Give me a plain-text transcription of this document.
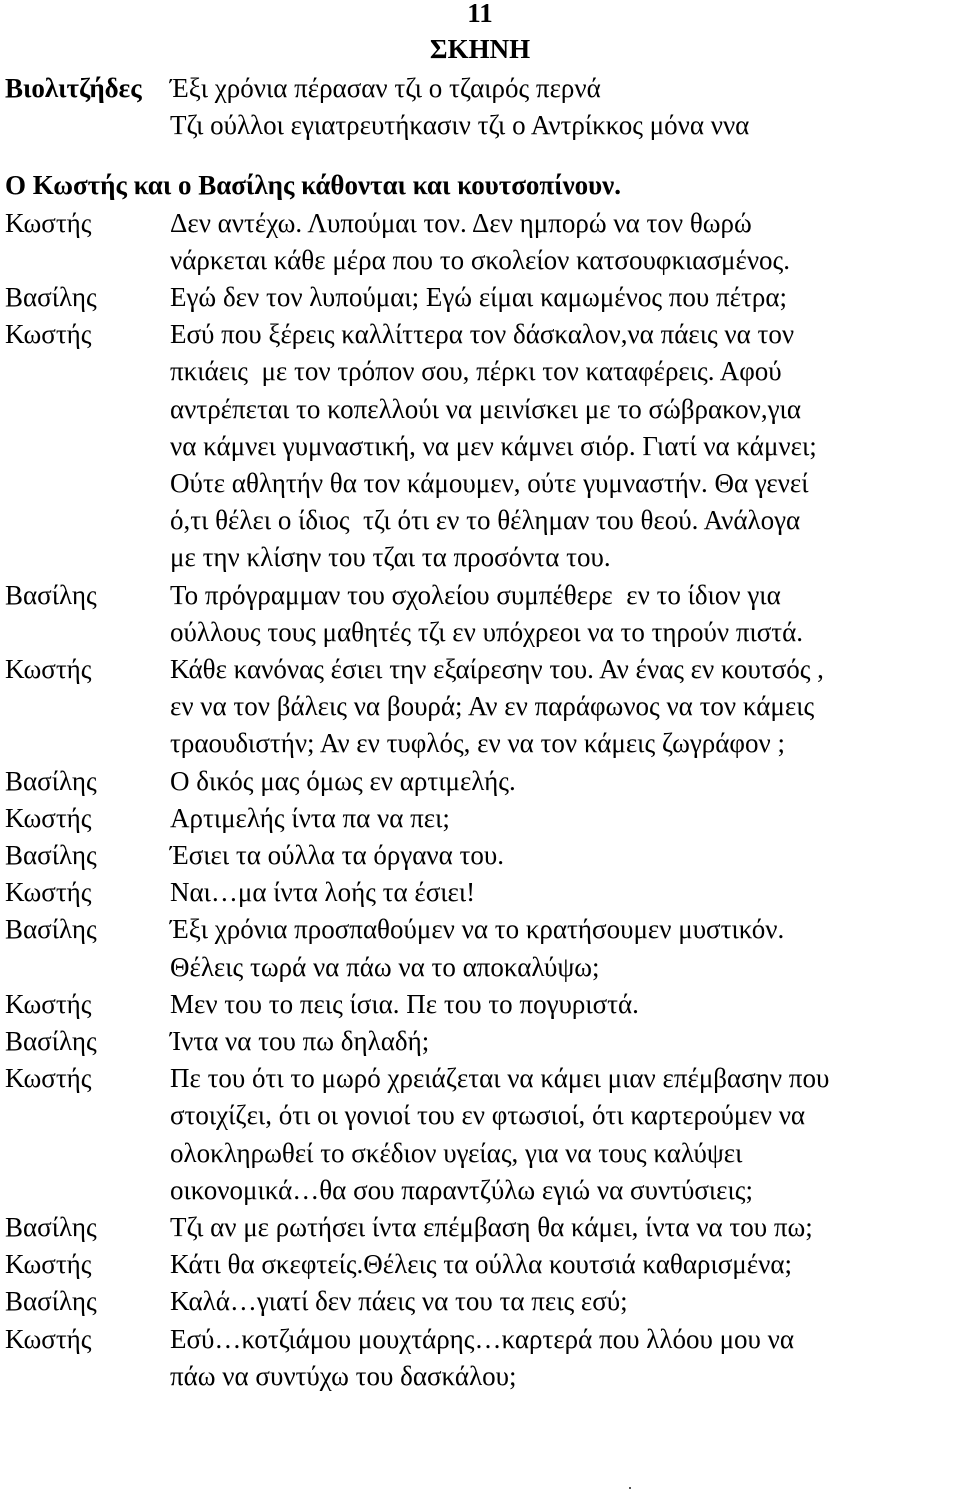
11
ΣΚΗΝΗ
Βιολιτζήδες Έξι χρόνια πέρασαν τζι ο τζαιρός περνά
Τζι ούλλοι εγιατρευτήκασιν τζι ο Αντρίκκος μόνα ννα
Ο Κωστής και ο Βασίλης κάθονται και κουτσοπίνουν.
Κωστής	Δεν αντέχω. Λυπούμαι τον. Δεν ημπορώ να τον θωρώ
νάρκεται κάθε μέρα που το σκολείον κατσουφκιασμένος.
Βασίλης	Εγώ δεν τον λυπούμαι; Εγώ είμαι καμωμένος που πέτρα;
Κωστής	Εσύ που ξέρεις καλλίττερα τον δάσκαλον,να πάεις να τον
πκιάεις  με τον τρόπον σου, πέρκι τον καταφέρεις. Αφού
αντρέπεται το κοπελλούι να μεινίσκει με το σώβρακον,για
να κάμνει γυμναστική, να μεν κάμνει σιόρ. Γιατί να κάμνει;
Ούτε αθλητήν θα τον κάμουμεν, ούτε γυμναστήν. Θα γενεί
ό,τι θέλει ο ίδιος  τζι ότι εν το θέλημαν του θεού. Ανάλογα
με την κλίσην του τζαι τα προσόντα του.
Βασίλης	Το πρόγραμμαν του σχολείου συμπέθερε  εν το ίδιον για
ούλλους τους μαθητές τζι εν υπόχρεοι να το τηρούν πιστά.
Κωστής	Κάθε κανόνας έσιει την εξαίρεσην του. Αν ένας εν κουτσός ,
εν να τον βάλεις να βουρά; Αν εν παράφωνος να τον κάμεις
τραουδιστήν; Αν εν τυφλός, εν να τον κάμεις ζωγράφον ;
Βασίλης	Ο δικός μας όμως εν αρτιμελής.
Κωστής	Αρτιμελής ίντα πα να πει;
Βασίλης	Έσιει τα ούλλα τα όργανα του.
Κωστής	Ναι…μα ίντα λοής τα έσιει!
Βασίλης	Έξι χρόνια προσπαθούμεν να το κρατήσουμεν μυστικόν.
Θέλεις τωρά να πάω να το αποκαλύψω;
Κωστής	Μεν του το πεις ίσια. Πε του το πογυριστά.
Βασίλης	Ίντα να του πω δηλαδή;
Κωστής	Πε του ότι το μωρό χρειάζεται να κάμει μιαν επέμβασην που
στοιχίζει, ότι οι γονιοί του εν φτωσιοί, ότι καρτερούμεν να
ολοκληρωθεί το σκέδιον υγείας, για να τους καλύψει
οικονομικά…θα σου παραντζύλω εγιώ να συντύσιεις;
Βασίλης	Τζι αν με ρωτήσει ίντα επέμβαση θα κάμει, ίντα να του πω;
Κωστής	Κάτι θα σκεφτείς.Θέλεις τα ούλλα κουτσιά καθαρισμένα;
Βασίλης	Καλά…γιατί δεν πάεις να του τα πεις εσύ;
Κωστής	Εσύ…κοτζιάμου μουχτάρης…καρτερά που λλόου μου να
πάω να συντύχω του δασκάλου;
